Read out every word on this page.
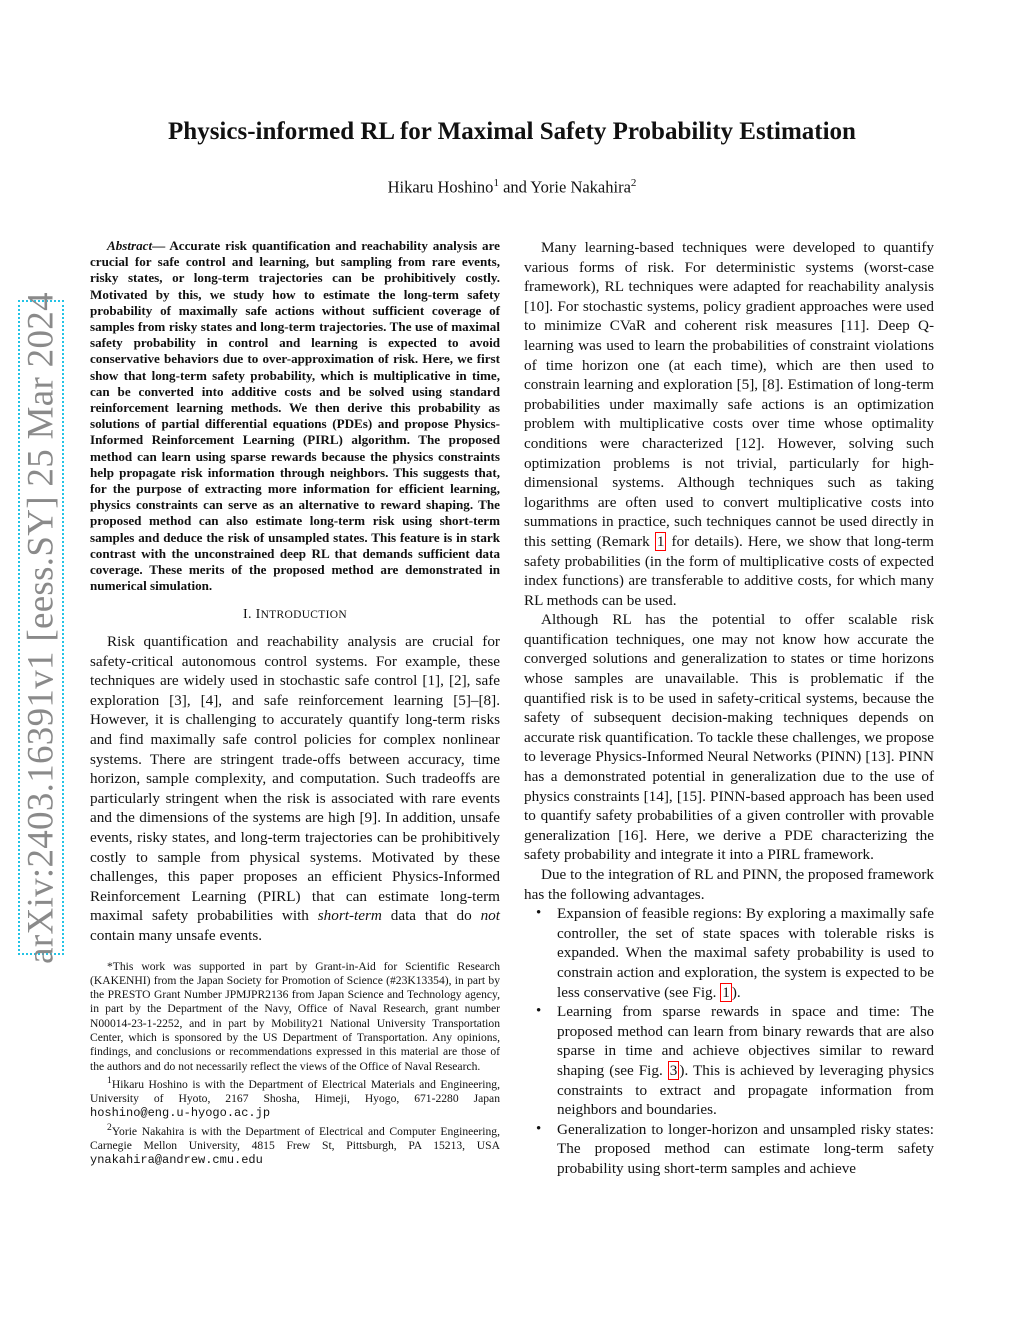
arXiv:2403.16391v1 [eess.SY] 25 Mar 2024
Physics-informed RL for Maximal Safety Probability Estimation
Hikaru Hoshino$^1$ and Yorie Nakahira$^2$

Abstract— Accurate risk quantification and reachability analysis are crucial for safe control and learning, but sampling from rare events, risky states, or long-term trajectories can be prohibitively costly. Motivated by this, we study how to estimate the long-term safety probability of maximally safe actions without sufficient coverage of samples from risky states and long-term trajectories. The use of maximal safety probability in control and learning is expected to avoid conservative behaviors due to over-approximation of risk. Here, we first show that long-term safety probability, which is multiplicative in time, can be converted into additive costs and be solved using standard reinforcement learning methods. We then derive this probability as solutions of partial differential equations (PDEs) and propose Physics-Informed Reinforcement Learning (PIRL) algorithm. The proposed method can learn using sparse rewards because the physics constraints help propagate risk information through neighbors. This suggests that, for the purpose of extracting more information for efficient learning, physics constraints can serve as an alternative to reward shaping. The proposed method can also estimate long-term risk using short-term samples and deduce the risk of unsampled states. This feature is in stark contrast with the unconstrained deep RL that demands sufficient data coverage. These merits of the proposed method are demonstrated in numerical simulation.

I. INTRODUCTION

Risk quantification and reachability analysis are crucial for safety-critical autonomous control systems. For example, these techniques are widely used in stochastic safe control [1], [2], safe exploration [3], [4], and safe reinforcement learning [5]–[8]. However, it is challenging to accurately quantify long-term risks and find maximally safe control policies for complex nonlinear systems. There are stringent trade-offs between accuracy, time horizon, sample complexity, and computation. Such tradeoffs are particularly stringent when the risk is associated with rare events and the dimensions of the systems are high [9]. In addition, unsafe events, risky states, and long-term trajectories can be prohibitively costly to sample from physical systems. Motivated by these challenges, this paper proposes an efficient Physics-Informed Reinforcement Learning (PIRL) that can estimate long-term maximal safety probabilities with short-term data that do not contain many unsafe events.

*This work was supported in part by Grant-in-Aid for Scientific Research (KAKENHI) from the Japan Society for Promotion of Science (#23K13354), in part by the PRESTO Grant Number JPMJPR2136 from Japan Science and Technology agency, in part by the Department of the Navy, Office of Naval Research, grant number N00014-23-1-2252, and in part by Mobility21 National University Transportation Center, which is sponsored by the US Department of Transportation. Any opinions, findings, and conclusions or recommendations expressed in this material are those of the authors and do not necessarily reflect the views of the Office of Naval Research.

$^1$Hikaru Hoshino is with the Department of Electrical Materials and Engineering, University of Hyoto, 2167 Shosha, Himeji, Hyogo, 671-2280 Japan hoshino@eng.u-hyogo.ac.jp

$^2$Yorie Nakahira is with the Department of Electrical and Computer Engineering, Carnegie Mellon University, 4815 Frew St, Pittsburgh, PA 15213, USA ynakahira@andrew.cmu.edu

Many learning-based techniques were developed to quantify various forms of risk. For deterministic systems (worst-case framework), RL techniques were adapted for reachability analysis [10]. For stochastic systems, policy gradient approaches were used to minimize CVaR and coherent risk measures [11]. Deep Q-learning was used to learn the probabilities of constraint violations of time horizon one (at each time), which are then used to constrain learning and exploration [5], [8]. Estimation of long-term probabilities under maximally safe actions is an optimization problem with multiplicative costs over time whose optimality conditions were characterized [12]. However, solving such optimization problems is not trivial, particularly for high-dimensional systems. Although techniques such as taking logarithms are often used to convert multiplicative costs into summations in practice, such techniques cannot be used directly in this setting (Remark 1 for details). Here, we show that long-term safety probabilities (in the form of multiplicative costs of expected index functions) are transferable to additive costs, for which many RL methods can be used.

Although RL has the potential to offer scalable risk quantification techniques, one may not know how accurate the converged solutions and generalization to states or time horizons whose samples are unavailable. This is problematic if the quantified risk is to be used in safety-critical systems, because the safety of subsequent decision-making techniques depends on accurate risk quantification. To tackle these challenges, we propose to leverage Physics-Informed Neural Networks (PINN) [13]. PINN has a demonstrated potential in generalization due to the use of physics constraints [14], [15]. PINN-based approach has been used to quantify safety probabilities of a given controller with provable generalization [16]. Here, we derive a PDE characterizing the safety probability and integrate it into a PIRL framework.

Due to the integration of RL and PINN, the proposed framework has the following advantages.

• Expansion of feasible regions: By exploring a maximally safe controller, the set of state spaces with tolerable risks is expanded. When the maximal safety probability is used to constrain action and exploration, the system is expected to be less conservative (see Fig. 1 ).
• Learning from sparse rewards in space and time: The proposed method can learn from binary rewards that are also sparse in time and achieve objectives similar to reward shaping (see Fig. 3 ). This is achieved by leveraging physics constraints to extract and propagate information from neighbors and boundaries.
• Generalization to longer-horizon and unsampled risky states: The proposed method can estimate long-term safety probability using short-term samples and achieve
